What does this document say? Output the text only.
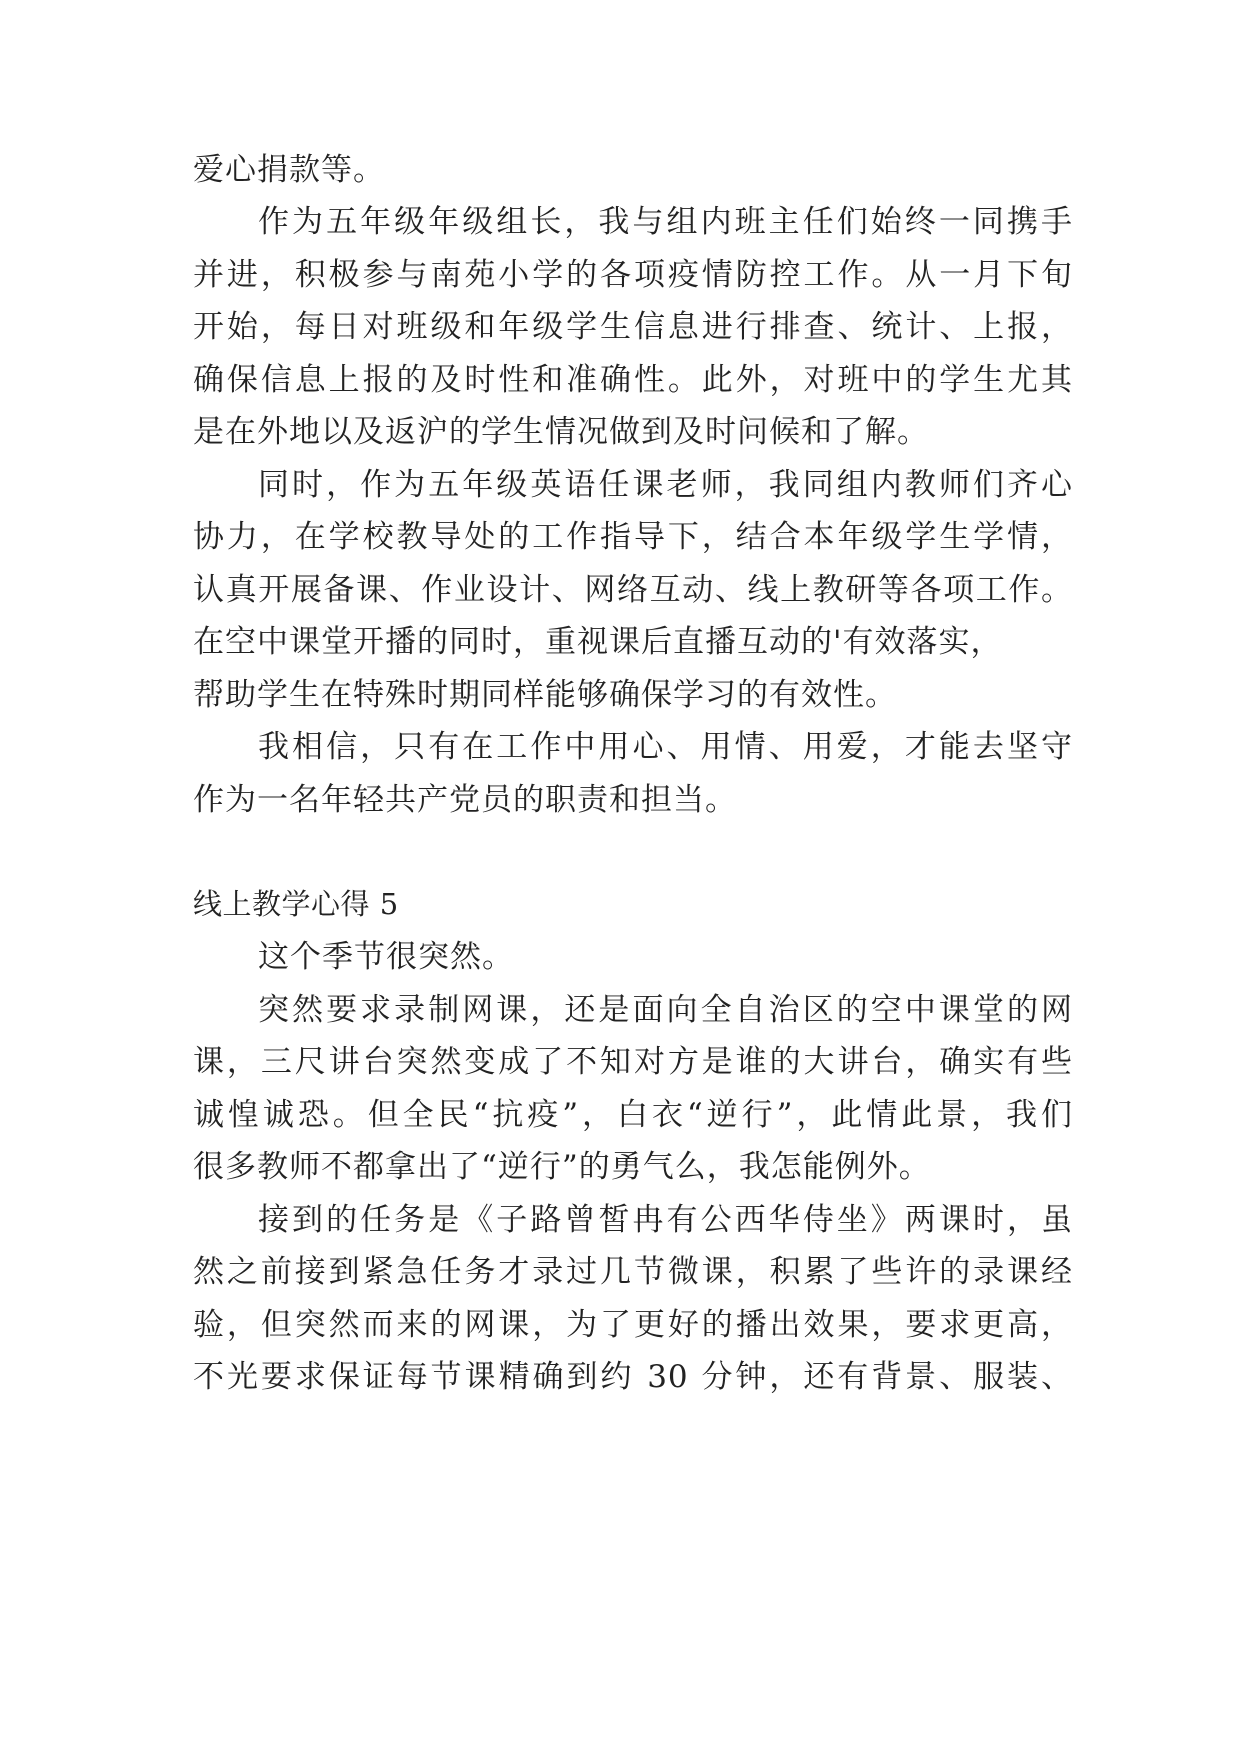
爱心捐款等。

作为五年级年级组长，我与组内班主任们始终一同携手

并进，积极参与南苑小学的各项疫情防控工作。从一月下旬

开始，每日对班级和年级学生信息进行排查、统计、上报，

确保信息上报的及时性和准确性。此外，对班中的学生尤其

是在外地以及返沪的学生情况做到及时问候和了解。

同时，作为五年级英语任课老师，我同组内教师们齐心

协力，在学校教导处的工作指导下，结合本年级学生学情，

认真开展备课、作业设计、网络互动、线上教研等各项工作。

在空中课堂开播的同时，重视课后直播互动的'有效落实，

帮助学生在特殊时期同样能够确保学习的有效性。

我相信，只有在工作中用心、用情、用爱，才能去坚守

作为一名年轻共产党员的职责和担当。

线上教学心得 5

这个季节很突然。

突然要求录制网课，还是面向全自治区的空中课堂的网

课，三尺讲台突然变成了不知对方是谁的大讲台，确实有些

诚惶诚恐。但全民“抗疫”，白衣“逆行”，此情此景，我们

很多教师不都拿出了“逆行”的勇气么，我怎能例外。

接到的任务是《子路曾皙冉有公西华侍坐》两课时，虽

然之前接到紧急任务才录过几节微课，积累了些许的录课经

验，但突然而来的网课，为了更好的播出效果，要求更高，

不光要求保证每节课精确到约 30 分钟，还有背景、服装、
